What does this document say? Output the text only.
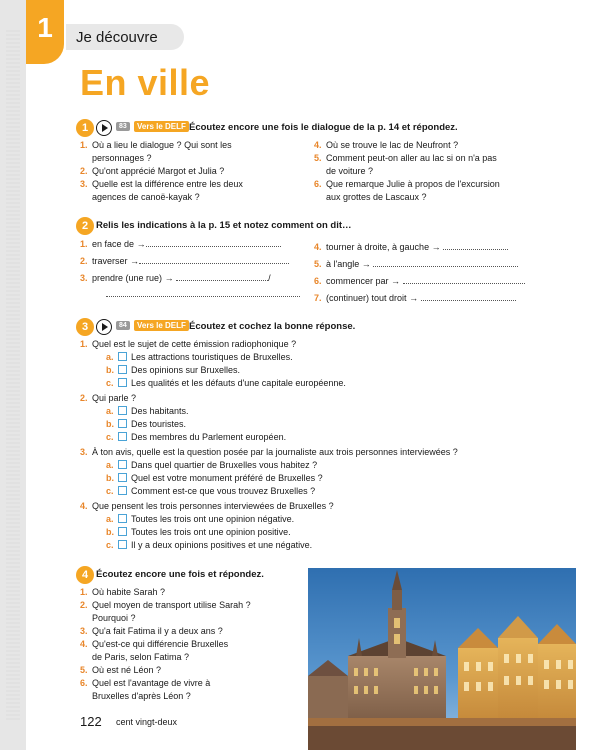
1	Je découvre
En ville
1	83	Vers le DELF Écoutez encore une fois le dialogue de la p. 14 et répondez.
1. Où a lieu le dialogue ? Qui sont les
personnages ?
2. Qu'ont apprécié Margot et Julia ?
3. Quelle est la différence entre les deux
agences de canoë-kayak ?
4. Où se trouve le lac de Neufront ?
5. Comment peut-on aller au lac si on n'a pas
de voiture ?
6. Que remarque Julie à propos de l'excursion
aux grottes de Lascaux ?
2 Relis les indications à la p. 15 et notez comment on dit…
1. en face de →
2. traverser →
3. prendre (une rue) →	/
4. tourner à droite, à gauche →
5. à l'angle →
6. commencer par →
7. (continuer) tout droit →
3	84	Vers le DELF Écoutez et cochez la bonne réponse.
1. Quel est le sujet de cette émission radiophonique ?
a. Les attractions touristiques de Bruxelles.
b. Des opinions sur Bruxelles.
c. Les qualités et les défauts d'une capitale européenne.
2. Qui parle ?
a. Des habitants.
b. Des touristes.
c. Des membres du Parlement européen.
3. À ton avis, quelle est la question posée par la journaliste aux trois personnes interviewées ?
a. Dans quel quartier de Bruxelles vous habitez ?
b. Quel est votre monument préféré de Bruxelles ?
c. Comment est-ce que vous trouvez Bruxelles ?
4. Que pensent les trois personnes interviewées de Bruxelles ?
a. Toutes les trois ont une opinion négative.
b. Toutes les trois ont une opinion positive.
c. Il y a deux opinions positives et une négative.
4 Écoutez encore une fois et répondez.
1. Où habite Sarah ?
2. Quel moyen de transport utilise Sarah ?
Pourquoi ?
3. Qu'a fait Fatima il y a deux ans ?
4. Qu'est-ce qui différencie Bruxelles
de Paris, selon Fatima ?
5. Où est né Léon ?
6. Quel est l'avantage de vivre à
Bruxelles d'après Léon ?
122 cent vingt-deux
